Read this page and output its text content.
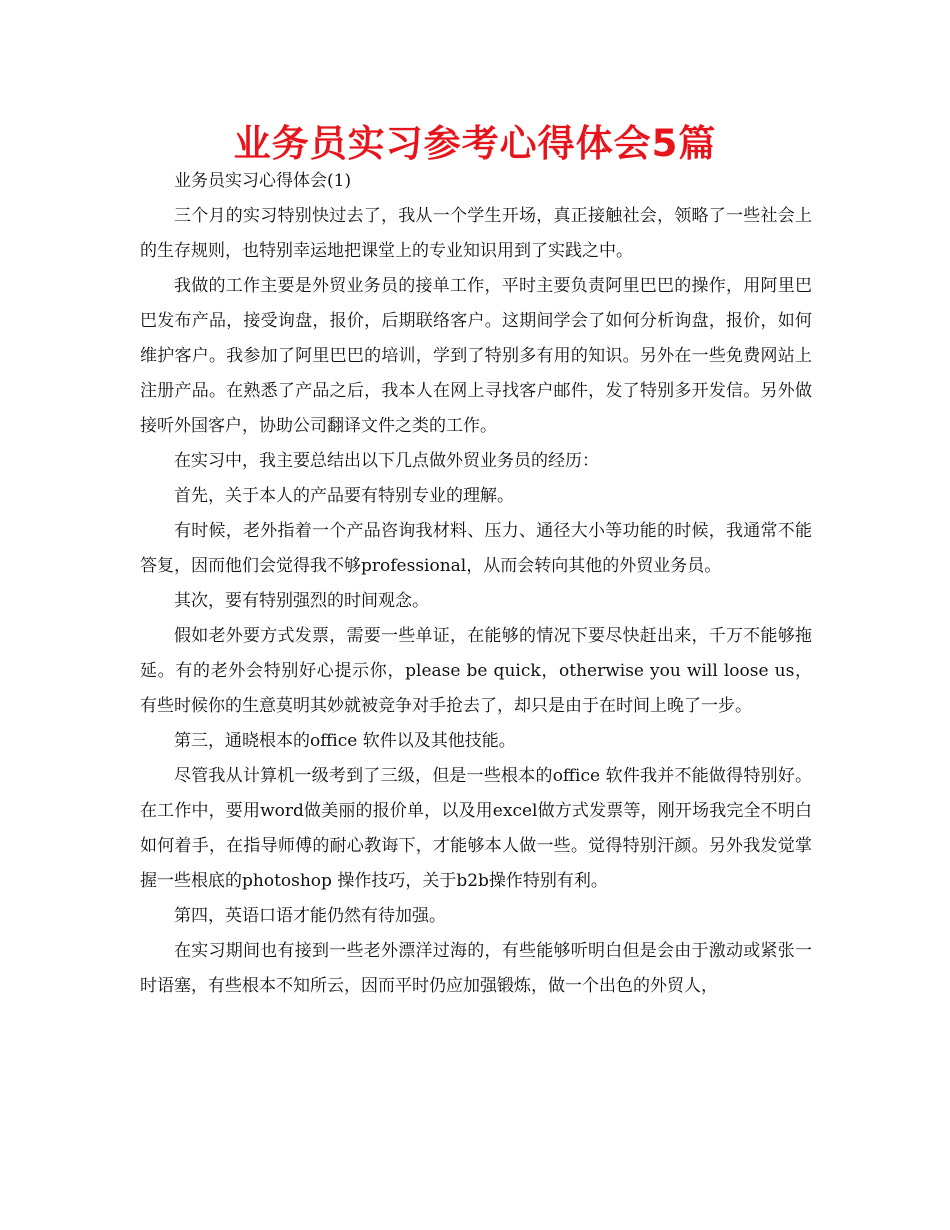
业务员实习参考心得体会5篇

业务员实习心得体会(1)

三个月的实习特别快过去了，我从一个学生开场，真正接触社会，领略了一些社会上的生存规则，也特别幸运地把课堂上的专业知识用到了实践之中。

我做的工作主要是外贸业务员的接单工作，平时主要负责阿里巴巴的操作，用阿里巴巴发布产品，接受询盘，报价，后期联络客户。这期间学会了如何分析询盘，报价，如何维护客户。我参加了阿里巴巴的培训，学到了特别多有用的知识。另外在一些免费网站上注册产品。在熟悉了产品之后，我本人在网上寻找客户邮件，发了特别多开发信。另外做接听外国客户，协助公司翻译文件之类的工作。

在实习中，我主要总结出以下几点做外贸业务员的经历：

首先，关于本人的产品要有特别专业的理解。

有时候，老外指着一个产品咨询我材料、压力、通径大小等功能的时候，我通常不能答复，因而他们会觉得我不够professional，从而会转向其他的外贸业务员。

其次，要有特别强烈的时间观念。

假如老外要方式发票，需要一些单证，在能够的情况下要尽快赶出来，千万不能够拖延。有的老外会特别好心提示你，please be quick，otherwise you will loose us，有些时候你的生意莫明其妙就被竞争对手抢去了，却只是由于在时间上晚了一步。

第三，通晓根本的office 软件以及其他技能。

尽管我从计算机一级考到了三级，但是一些根本的office 软件我并不能做得特别好。在工作中，要用word做美丽的报价单，以及用excel做方式发票等，刚开场我完全不明白如何着手，在指导师傅的耐心教诲下，才能够本人做一些。觉得特别汗颜。另外我发觉掌握一些根底的photoshop 操作技巧，关于b2b操作特别有利。

第四，英语口语才能仍然有待加强。

在实习期间也有接到一些老外漂洋过海的，有些能够听明白但是会由于激动或紧张一时语塞，有些根本不知所云，因而平时仍应加强锻炼，做一个出色的外贸人，
